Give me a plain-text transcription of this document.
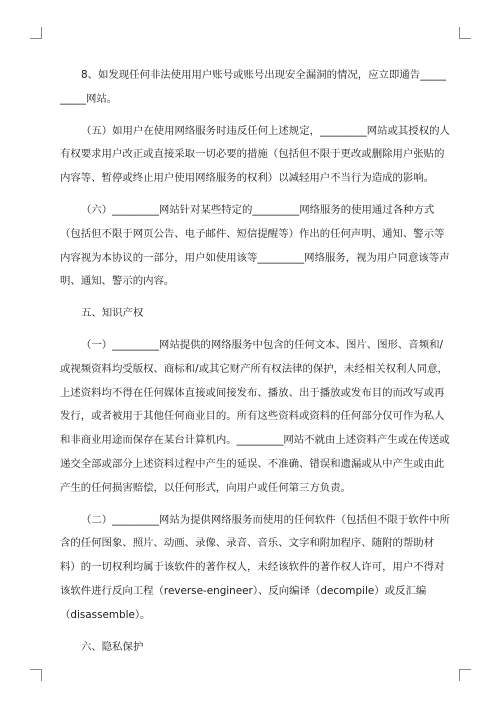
8、如发现任何非法使用用户账号或账号出现安全漏洞的情况，应立即通告_____
_____网站。
（五）如用户在使用网络服务时违反任何上述规定，_________网站或其授权的人
有权要求用户改正或直接采取一切必要的措施（包括但不限于更改或删除用户张贴的
内容等、暂停或终止用户使用网络服务的权利）以减轻用户不当行为造成的影响。
（六）_________网站针对某些特定的_________网络服务的使用通过各种方式
（包括但不限于网页公告、电子邮件、短信提醒等）作出的任何声明、通知、警示等
内容视为本协议的一部分，用户如使用该等_________网络服务，视为用户同意该等声
明、通知、警示的内容。
五、知识产权
（一）_________网站提供的网络服务中包含的任何文本、图片、图形、音频和/
或视频资料均受版权、商标和/或其它财产所有权法律的保护，未经相关权利人同意，
上述资料均不得在任何媒体直接或间接发布、播放、出于播放或发布目的而改写或再
发行，或者被用于其他任何商业目的。所有这些资料或资料的任何部分仅可作为私人
和非商业用途而保存在某台计算机内。_________网站不就由上述资料产生或在传送或
递交全部或部分上述资料过程中产生的延误、不准确、错误和遗漏或从中产生或由此
产生的任何损害赔偿，以任何形式，向用户或任何第三方负责。
（二）_________网站为提供网络服务而使用的任何软件（包括但不限于软件中所
含的任何图象、照片、动画、录像、录音、音乐、文字和附加程序、随附的帮助材
料）的一切权利均属于该软件的著作权人，未经该软件的著作权人许可，用户不得对
该软件进行反向工程（reverse-engineer）、反向编译（decompile）或反汇编
（disassemble）。
六、隐私保护
